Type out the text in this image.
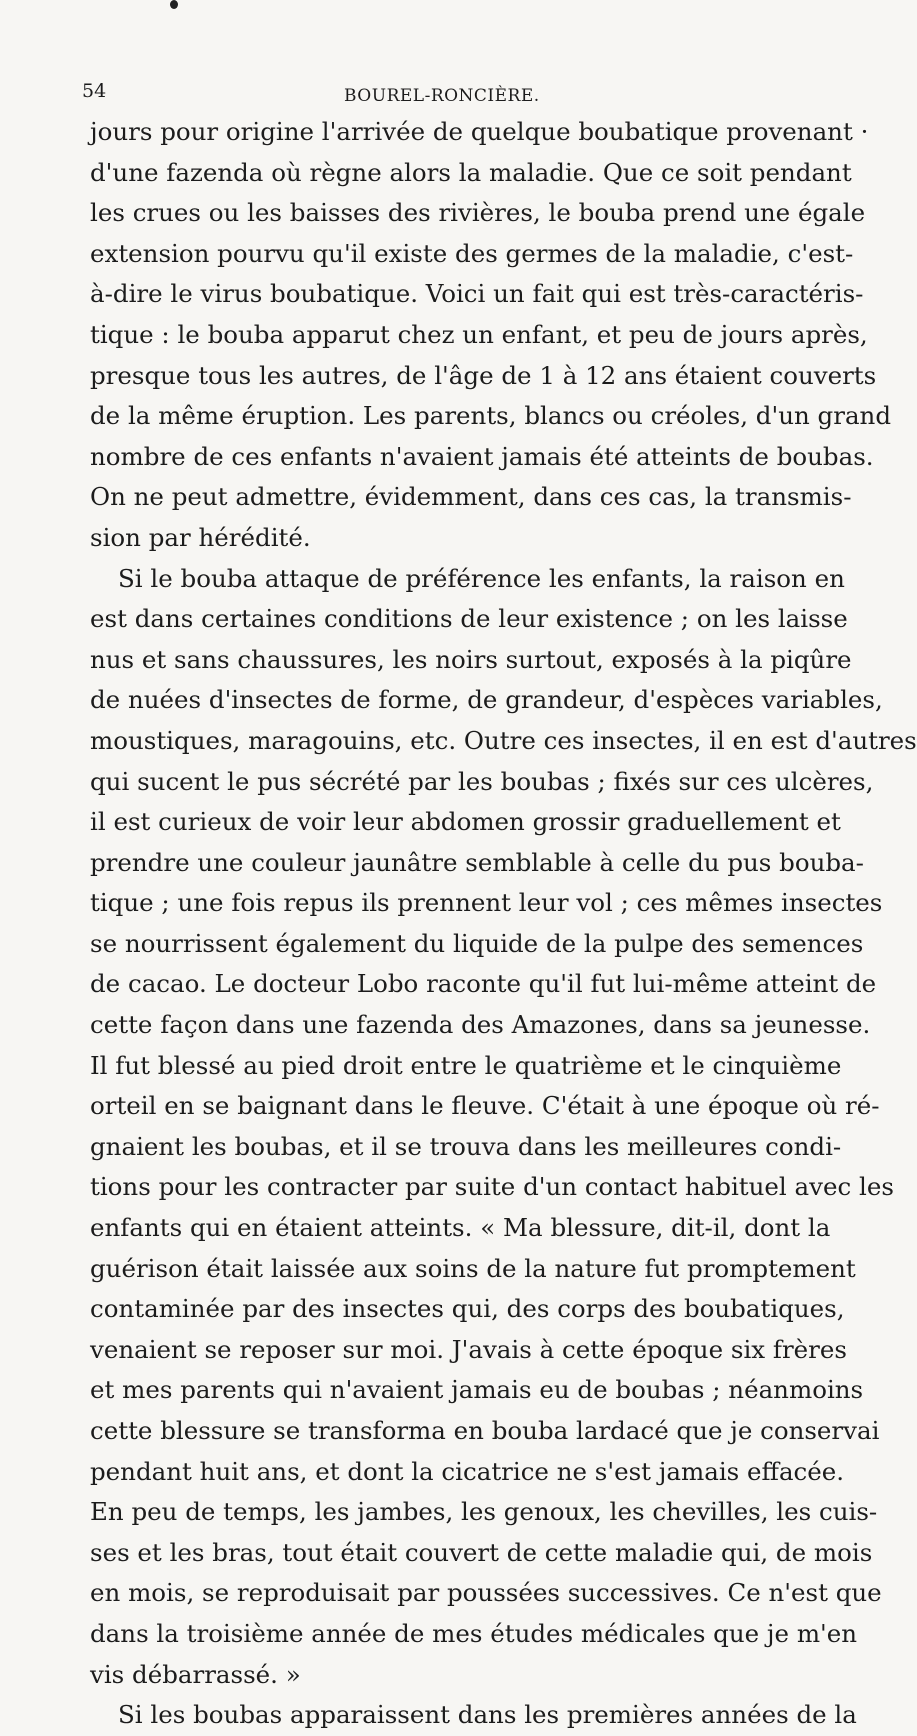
54	BOUREL-RONCIÈRE.
jours pour origine l'arrivée de quelque boubatique provenant ·
d'une fazenda où règne alors la maladie. Que ce soit pendant
les crues ou les baisses des rivières, le bouba prend une égale
extension pourvu qu'il existe des germes de la maladie, c'est-
à-dire le virus boubatique. Voici un fait qui est très-caractéris-
tique : le bouba apparut chez un enfant, et peu de jours après,
presque tous les autres, de l'âge de 1 à 12 ans étaient couverts
de la même éruption. Les parents, blancs ou créoles, d'un grand
nombre de ces enfants n'avaient jamais été atteints de boubas.
On ne peut admettre, évidemment, dans ces cas, la transmis-
sion par hérédité.
Si le bouba attaque de préférence les enfants, la raison en
est dans certaines conditions de leur existence ; on les laisse
nus et sans chaussures, les noirs surtout, exposés à la piqûre
de nuées d'insectes de forme, de grandeur, d'espèces variables,
moustiques, maragouins, etc. Outre ces insectes, il en est d'autres
qui sucent le pus sécrété par les boubas ; fixés sur ces ulcères,
il est curieux de voir leur abdomen grossir graduellement et
prendre une couleur jaunâtre semblable à celle du pus bouba-
tique ; une fois repus ils prennent leur vol ; ces mêmes insectes
se nourrissent également du liquide de la pulpe des semences
de cacao. Le docteur Lobo raconte qu'il fut lui-même atteint de
cette façon dans une fazenda des Amazones, dans sa jeunesse.
Il fut blessé au pied droit entre le quatrième et le cinquième
orteil en se baignant dans le fleuve. C'était à une époque où ré-
gnaient les boubas, et il se trouva dans les meilleures condi-
tions pour les contracter par suite d'un contact habituel avec les
enfants qui en étaient atteints. « Ma blessure, dit-il, dont la
guérison était laissée aux soins de la nature fut promptement
contaminée par des insectes qui, des corps des boubatiques,
venaient se reposer sur moi. J'avais à cette époque six frères
et mes parents qui n'avaient jamais eu de boubas ; néanmoins
cette blessure se transforma en bouba lardacé que je conservai
pendant huit ans, et dont la cicatrice ne s'est jamais effacée.
En peu de temps, les jambes, les genoux, les chevilles, les cuis-
ses et les bras, tout était couvert de cette maladie qui, de mois
en mois, se reproduisait par poussées successives. Ce n'est que
dans la troisième année de mes études médicales que je m'en
vis débarrassé. »
Si les boubas apparaissent dans les premières années de la
